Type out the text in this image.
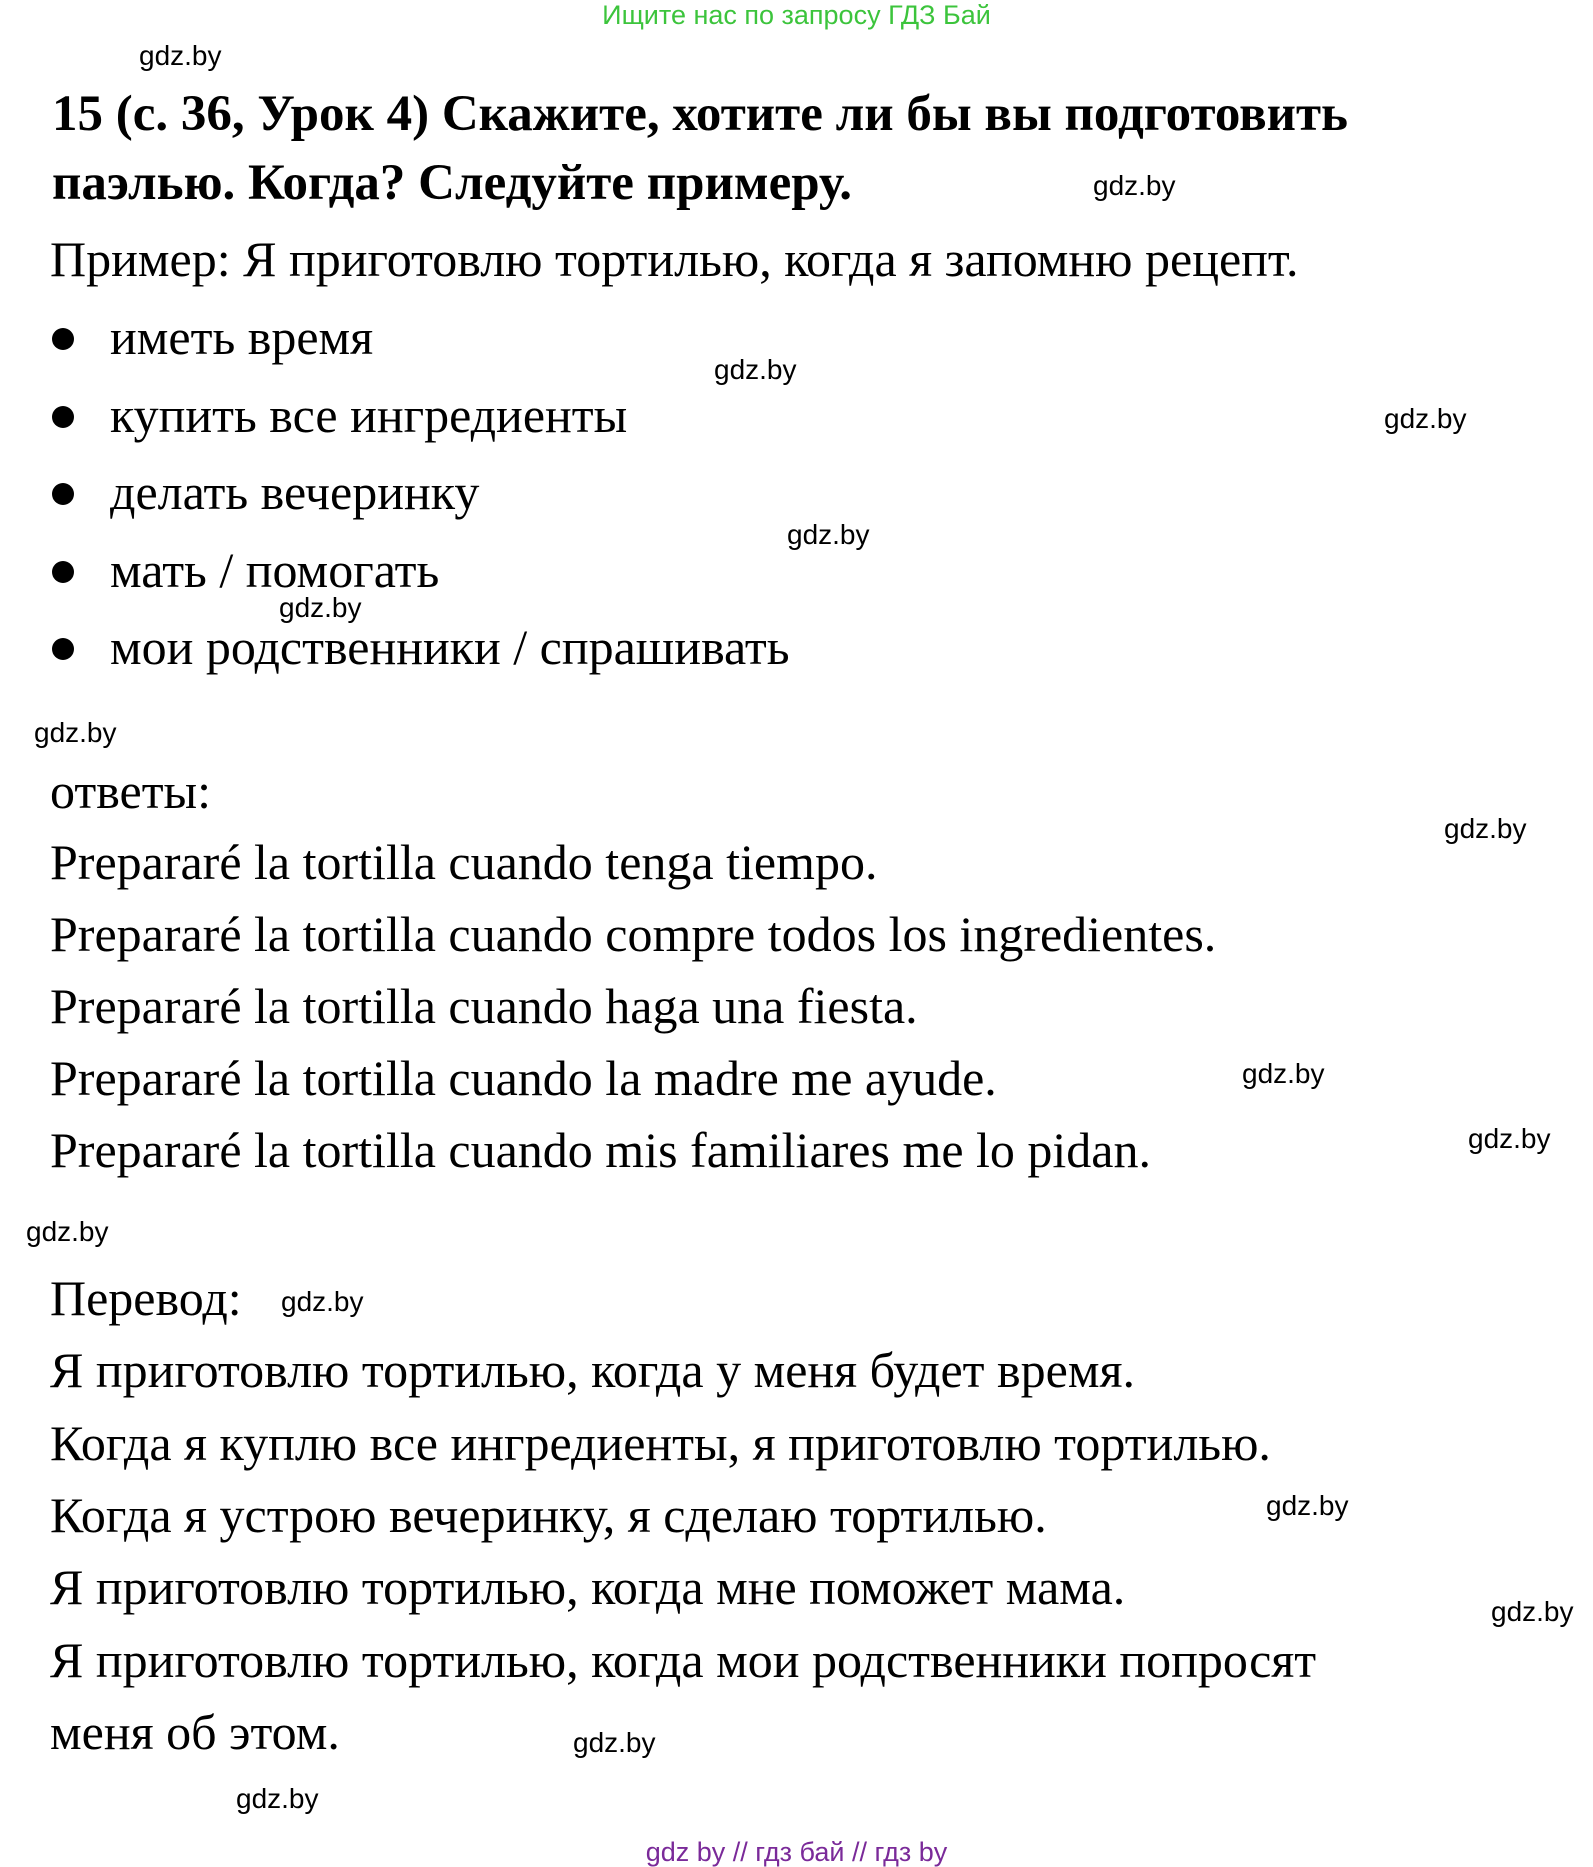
Ищите нас по запросу ГДЗ Бай
15 (с. 36, Урок 4) Скажите, хотите ли бы вы подготовить
паэлью. Когда? Следуйте примеру.
Пример: Я приготовлю тортилью, когда я запомню рецепт.
иметь время
купить все ингредиенты
делать вечеринку
мать / помогать
мои родственники / спрашивать
ответы:
Prepararé la tortilla cuando tenga tiempo.
Prepararé la tortilla cuando compre todos los ingredientes.
Prepararé la tortilla cuando haga una fiesta.
Prepararé la tortilla cuando la madre me ayude.
Prepararé la tortilla cuando mis familiares me lo pidan.
Перевод:
Я приготовлю тортилью, когда у меня будет время.
Когда я куплю все ингредиенты, я приготовлю тортилью.
Когда я устрою вечеринку, я сделаю тортилью.
Я приготовлю тортилью, когда мне поможет мама.
Я приготовлю тортилью, когда мои родственники попросят
меня об этом.
gdz.by
gdz.by
gdz.by
gdz.by
gdz.by
gdz.by
gdz.by
gdz.by
gdz.by
gdz.by
gdz.by
gdz.by
gdz.by
gdz.by
gdz.by
gdz.by
gdz by // гдз бай // гдз by
